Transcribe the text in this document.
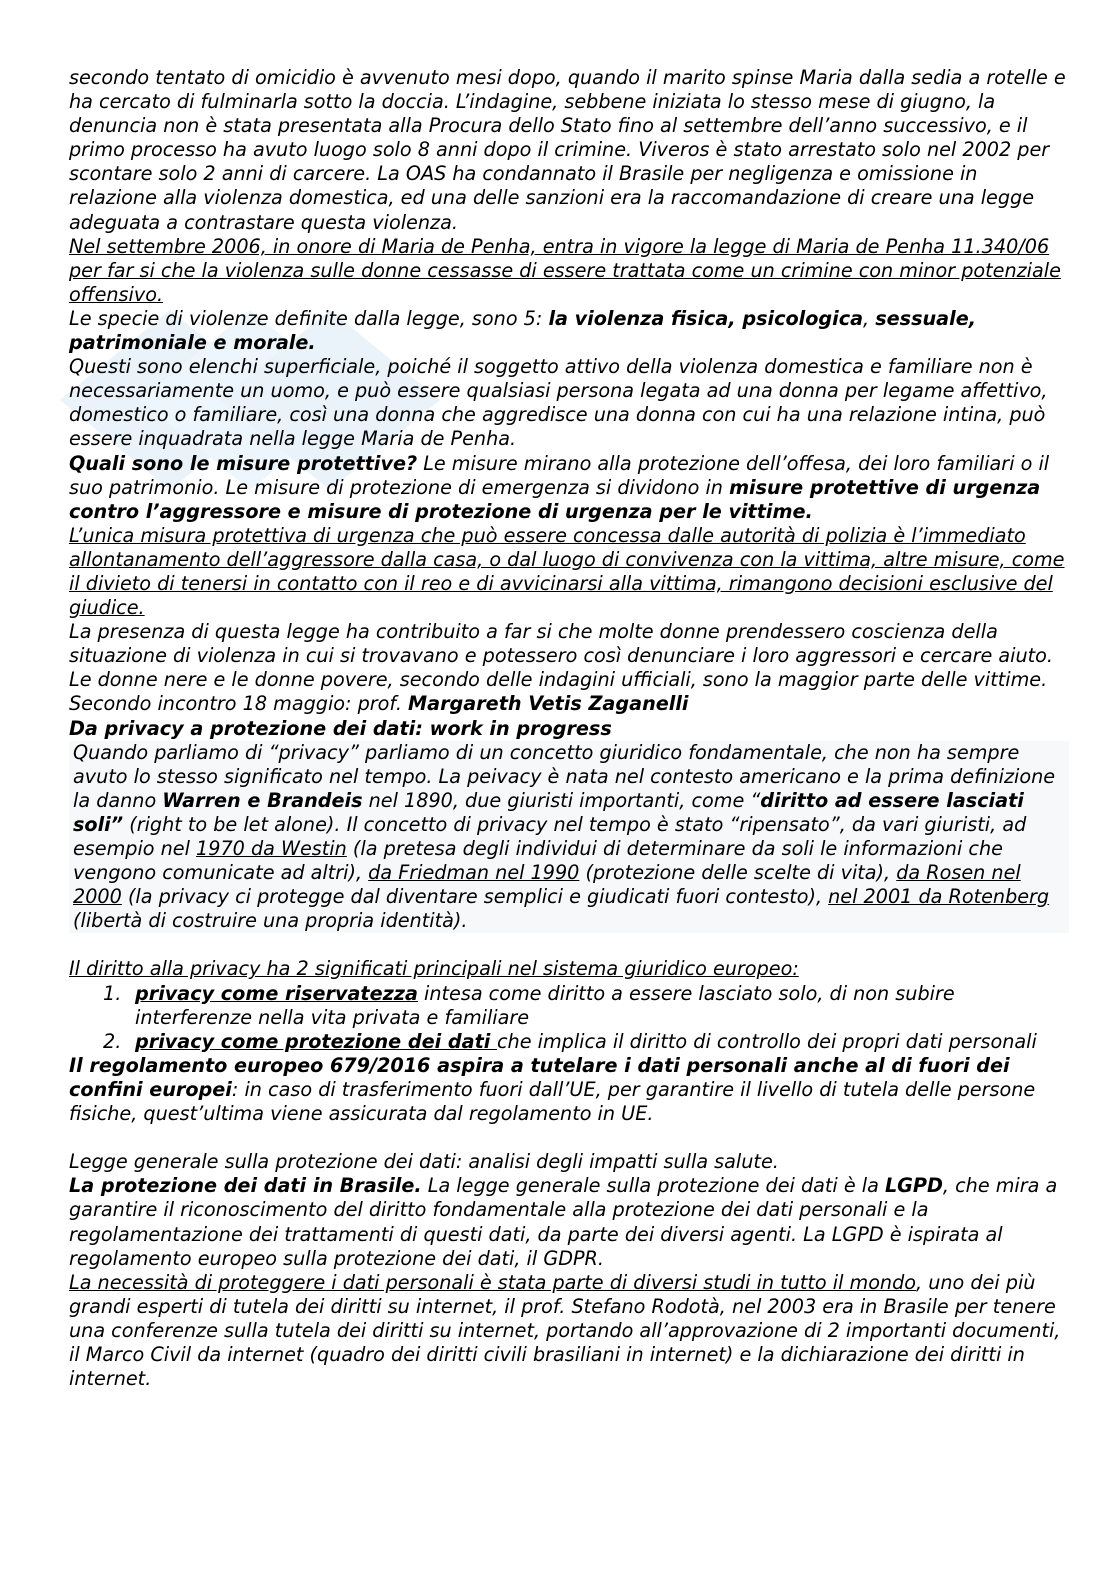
secondo tentato di omicidio è avvenuto mesi dopo, quando il marito spinse Maria dalla sedia a rotelle e ha cercato di fulminarla sotto la doccia. L’indagine, sebbene iniziata lo stesso mese di giugno, la denuncia non è stata presentata alla Procura dello Stato fino al settembre dell’anno successivo, e il primo processo ha avuto luogo solo 8 anni dopo il crimine. Viveros è stato arrestato solo nel 2002 per scontare solo 2 anni di carcere. La OAS ha condannato il Brasile per negligenza e omissione in relazione alla violenza domestica, ed una delle sanzioni era la raccomandazione di creare una legge adeguata a contrastare questa violenza.

Nel settembre 2006, in onore di Maria de Penha, entra in vigore la legge di Maria de Penha 11.340/06 per far si che la violenza sulle donne cessasse di essere trattata come un crimine con minor potenziale offensivo.

Le specie di violenze definite dalla legge, sono 5: la violenza fisica, psicologica, sessuale, patrimoniale e morale.

Questi sono elenchi superficiale, poiché il soggetto attivo della violenza domestica e familiare non è necessariamente un uomo, e può essere qualsiasi persona legata ad una donna per legame affettivo, domestico o familiare, così una donna che aggredisce una donna con cui ha una relazione intina, può essere inquadrata nella legge Maria de Penha.

Quali sono le misure protettive? Le misure mirano alla protezione dell’offesa, dei loro familiari o il suo patrimonio. Le misure di protezione di emergenza si dividono in misure protettive di urgenza contro l’aggressore e misure di protezione di urgenza per le vittime.

L’unica misura protettiva di urgenza che può essere concessa dalle autorità di polizia è l’immediato allontanamento dell’aggressore dalla casa, o dal luogo di convivenza con la vittima, altre misure, come il divieto di tenersi in contatto con il reo e di avvicinarsi alla vittima, rimangono decisioni esclusive del giudice.

La presenza di questa legge ha contribuito a far si che molte donne prendessero coscienza della situazione di violenza in cui si trovavano e potessero così denunciare i loro aggressori e cercare aiuto.

Le donne nere e le donne povere, secondo delle indagini ufficiali, sono la maggior parte delle vittime.

Secondo incontro 18 maggio: prof. Margareth Vetis Zaganelli

Da privacy a protezione dei dati: work in progress

Quando parliamo di “privacy” parliamo di un concetto giuridico fondamentale, che non ha sempre avuto lo stesso significato nel tempo. La peivacy è nata nel contesto americano e la prima definizione la danno Warren e Brandeis nel 1890, due giuristi importanti, come “diritto ad essere lasciati soli” (right to be let alone). Il concetto di privacy nel tempo è stato “ripensato”, da vari giuristi, ad esempio nel 1970 da Westin (la pretesa degli individui di determinare da soli le informazioni che vengono comunicate ad altri), da Friedman nel 1990 (protezione delle scelte di vita), da Rosen nel 2000 (la privacy ci protegge dal diventare semplici e giudicati fuori contesto), nel 2001 da Rotenberg (libertà di costruire una propria identità).

Il diritto alla privacy ha 2 significati principali nel sistema giuridico europeo:

1. privacy come riservatezza intesa come diritto a essere lasciato solo, di non subire interferenze nella vita privata e familiare
2. privacy come protezione dei dati che implica il diritto di controllo dei propri dati personali

Il regolamento europeo 679/2016 aspira a tutelare i dati personali anche al di fuori dei confini europei: in caso di trasferimento fuori dall’UE, per garantire il livello di tutela delle persone fisiche, quest’ultima viene assicurata dal regolamento in UE.

Legge generale sulla protezione dei dati: analisi degli impatti sulla salute.

La protezione dei dati in Brasile. La legge generale sulla protezione dei dati è la LGPD, che mira a garantire il riconoscimento del diritto fondamentale alla protezione dei dati personali e la regolamentazione dei trattamenti di questi dati, da parte dei diversi agenti. La LGPD è ispirata al regolamento europeo sulla protezione dei dati, il GDPR.

La necessità di proteggere i dati personali è stata parte di diversi studi in tutto il mondo, uno dei più grandi esperti di tutela dei diritti su internet, il prof. Stefano Rodotà, nel 2003 era in Brasile per tenere una conferenze sulla tutela dei diritti su internet, portando all’approvazione di 2 importanti documenti, il Marco Civil da internet (quadro dei diritti civili brasiliani in internet) e la dichiarazione dei diritti in internet.
